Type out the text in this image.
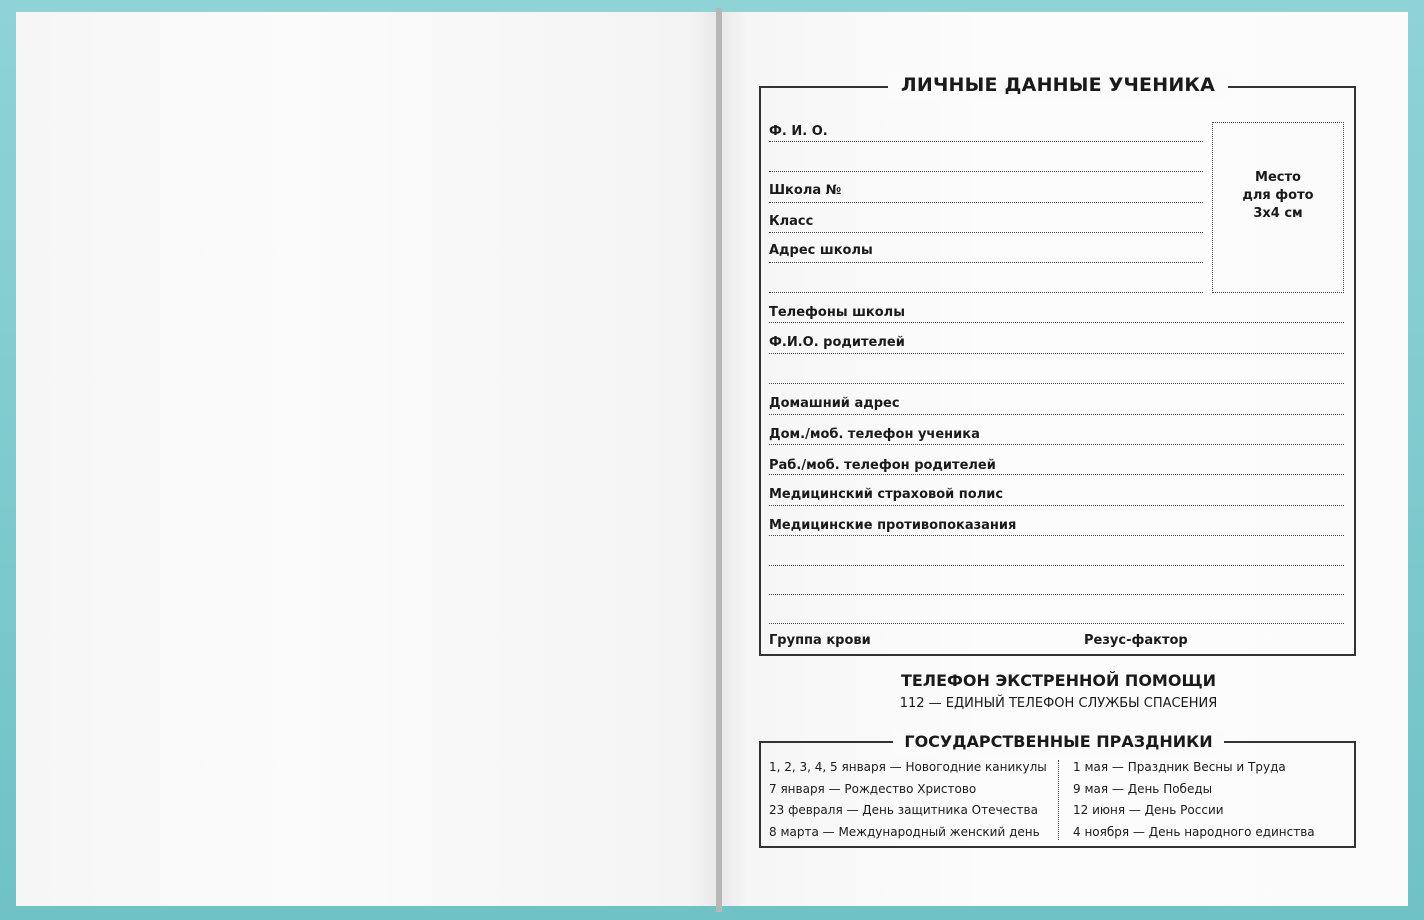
ЛИЧНЫЕ ДАННЫЕ УЧЕНИКА
Ф. И. О.
Школа №
Класс
Адрес школы
Место
для фото
3x4 см
Телефоны школы
Ф.И.О. родителей
Домашний адрес
Дом./моб. телефон ученика
Раб./моб. телефон родителей
Медицинский страховой полис
Медицинские противопоказания
Группа крови	Резус-фактор
ТЕЛЕФОН ЭКСТРЕННОЙ ПОМОЩИ
112 — ЕДИНЫЙ ТЕЛЕФОН СЛУЖБЫ СПАСЕНИЯ
ГОСУДАРСТВЕННЫЕ ПРАЗДНИКИ
1, 2, 3, 4, 5 января — Новогодние каникулы
7 января — Рождество Христово
23 февраля — День защитника Отечества
8 марта — Международный женский день
1 мая — Праздник Весны и Труда
9 мая — День Победы
12 июня — День России
4 ноября — День народного единства
